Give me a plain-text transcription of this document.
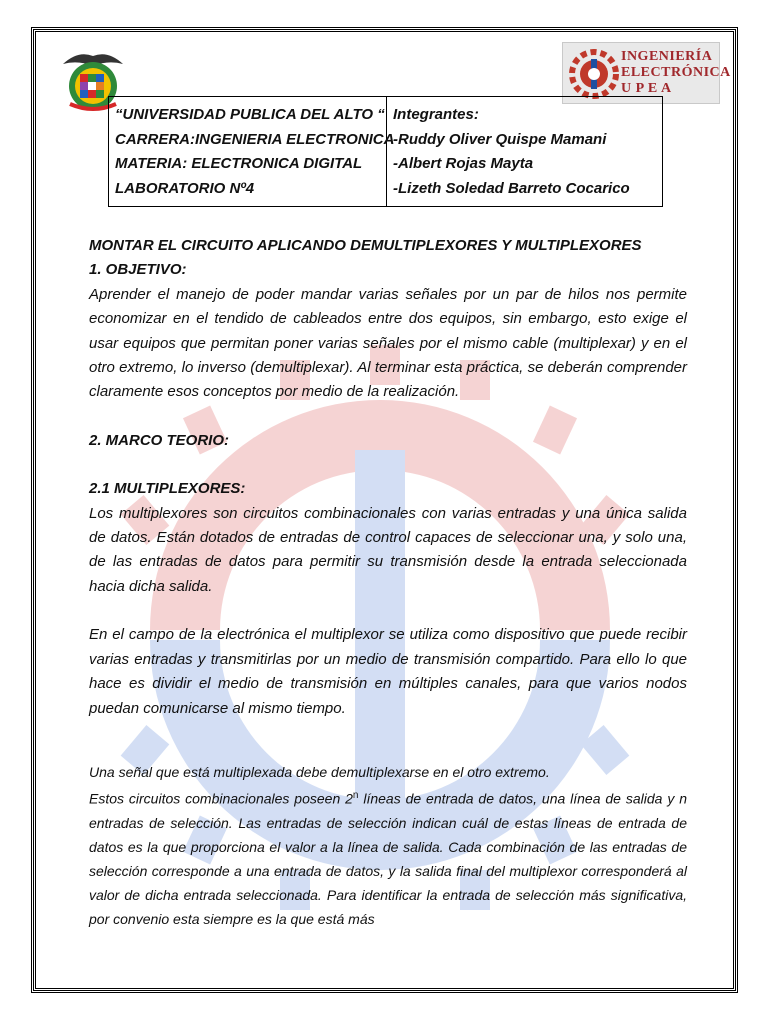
INGENIERÍA
ELECTRÓNICA
U P E A
“UNIVERSIDAD PUBLICA DEL ALTO “
CARRERA:INGENIERIA ELECTRONICA
MATERIA: ELECTRONICA DIGITAL
LABORATORIO Nº4
Integrantes:
-Ruddy Oliver Quispe Mamani
-Albert Rojas Mayta
-Lizeth Soledad Barreto Cocarico

MONTAR EL CIRCUITO APLICANDO DEMULTIPLEXORES Y MULTIPLEXORES

1. OBJETIVO:

Aprender el manejo de poder mandar varias señales por un par de hilos nos permite economizar en el tendido de cableados entre dos equipos, sin embargo, esto exige el usar equipos que permitan poner varias señales por el mismo cable (multiplexar) y en el otro extremo, lo inverso (demultiplexar). Al terminar esta práctica, se deberán comprender claramente esos conceptos por medio de la realización.

2. MARCO TEORIO:

2.1 MULTIPLEXORES:

Los multiplexores son circuitos combinacionales con varias entradas y una única salida de datos. Están dotados de entradas de control capaces de seleccionar una, y solo una, de las entradas de datos para permitir su transmisión desde la entrada seleccionada hacia dicha salida.

En el campo de la electrónica el multiplexor se utiliza como dispositivo que puede recibir varias entradas y transmitirlas por un medio de transmisión compartido. Para ello lo que hace es dividir el medio de transmisión en múltiples canales, para que varios nodos puedan comunicarse al mismo tiempo.

Una señal que está multiplexada debe demultiplexarse en el otro extremo.

Estos circuitos combinacionales poseen 2$^n$ líneas de entrada de datos, una línea de salida y n entradas de selección. Las entradas de selección indican cuál de estas líneas de entrada de datos es la que proporciona el valor a la línea de salida. Cada combinación de las entradas de selección corresponde a una entrada de datos, y la salida final del multiplexor corresponderá al valor de dicha entrada seleccionada. Para identificar la entrada de selección más significativa, por convenio esta siempre es la que está más
